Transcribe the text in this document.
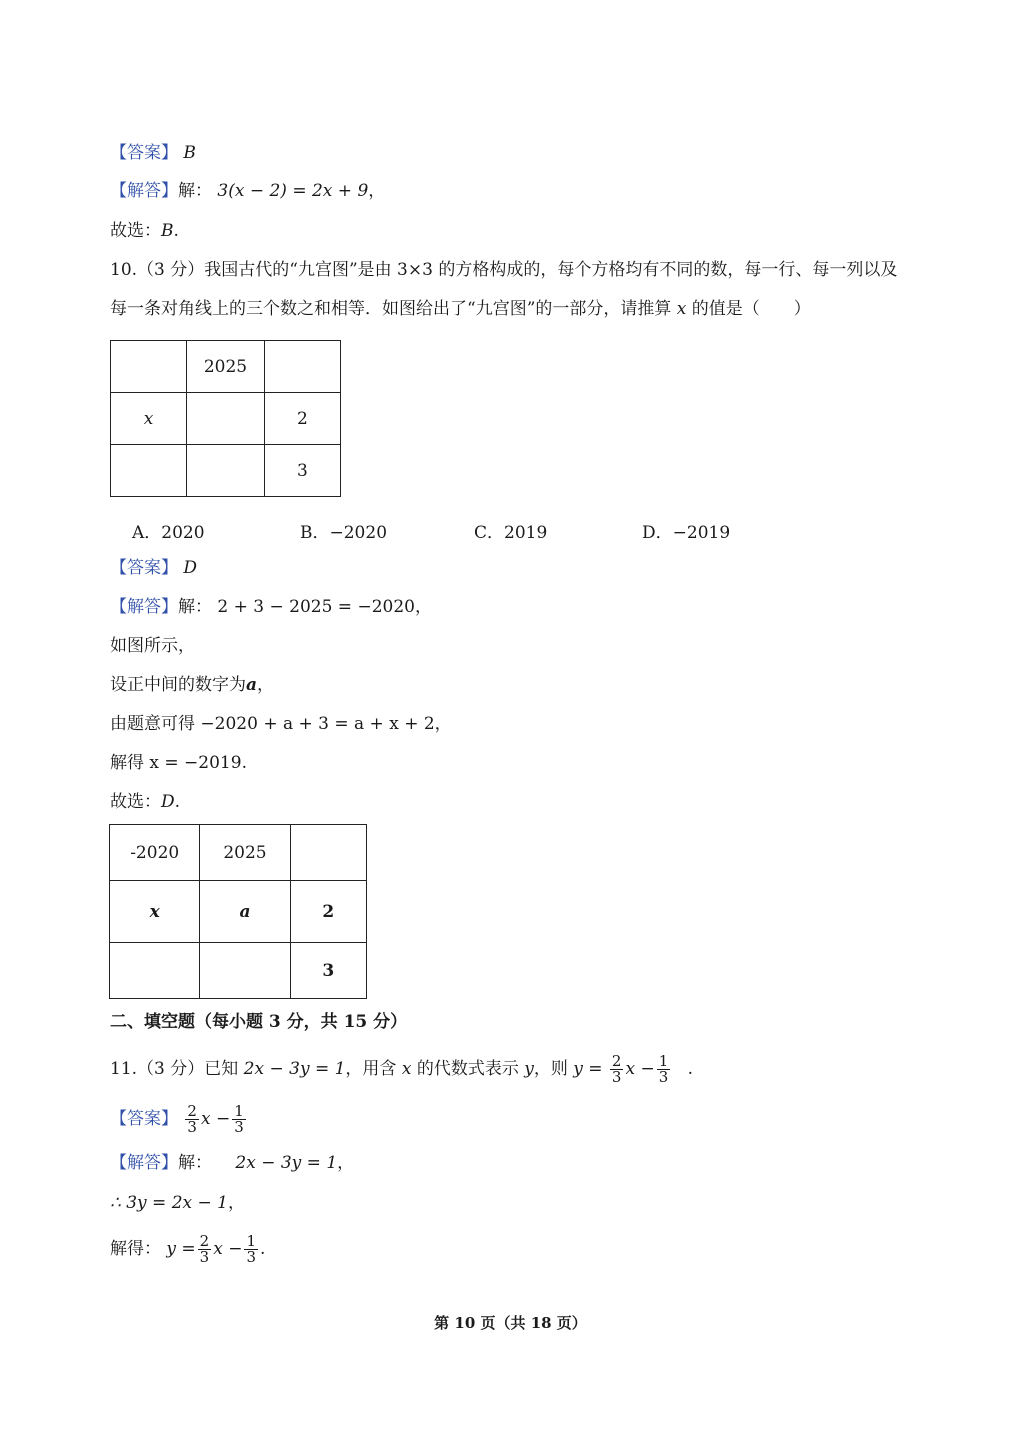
【答案】 B
【解答】解： 3(x − 2) = 2x + 9，
故选：B.
10.（3 分）我国古代的“九宫图”是由 3×3 的方格构成的，每个方格均有不同的数，每一行、每一列以及
每一条对角线上的三个数之和相等．如图给出了“九宫图”的一部分，请推算 x 的值是（　　）
	2025	
x		2
		3
A．2020	B．−2020	C．2019	D．−2019
【答案】 D
【解答】解： 2 + 3 − 2025 = −2020，
如图所示，
设正中间的数字为a，
由题意可得 −2020 + a + 3 = a + x + 2，
解得 x = −2019.
故选：D.
-2020	2025	
x	a	2
		3
二、填空题（每小题 3 分，共 15 分）
11.（3 分）已知 2x − 3y = 1，用含 x 的代数式表示 y，则 $y = \frac{2}{3}$ $x - \frac{1}{3}$ .
【答案】 $\frac{2}{3}$ $x - \frac{1}{3}$
【解答】解： 2x − 3y = 1，
∴ 3y = 2x − 1，
解得： $y = \frac{2}{3}$ $x - \frac{1}{3}$ .
第 10 页（共 18 页）
